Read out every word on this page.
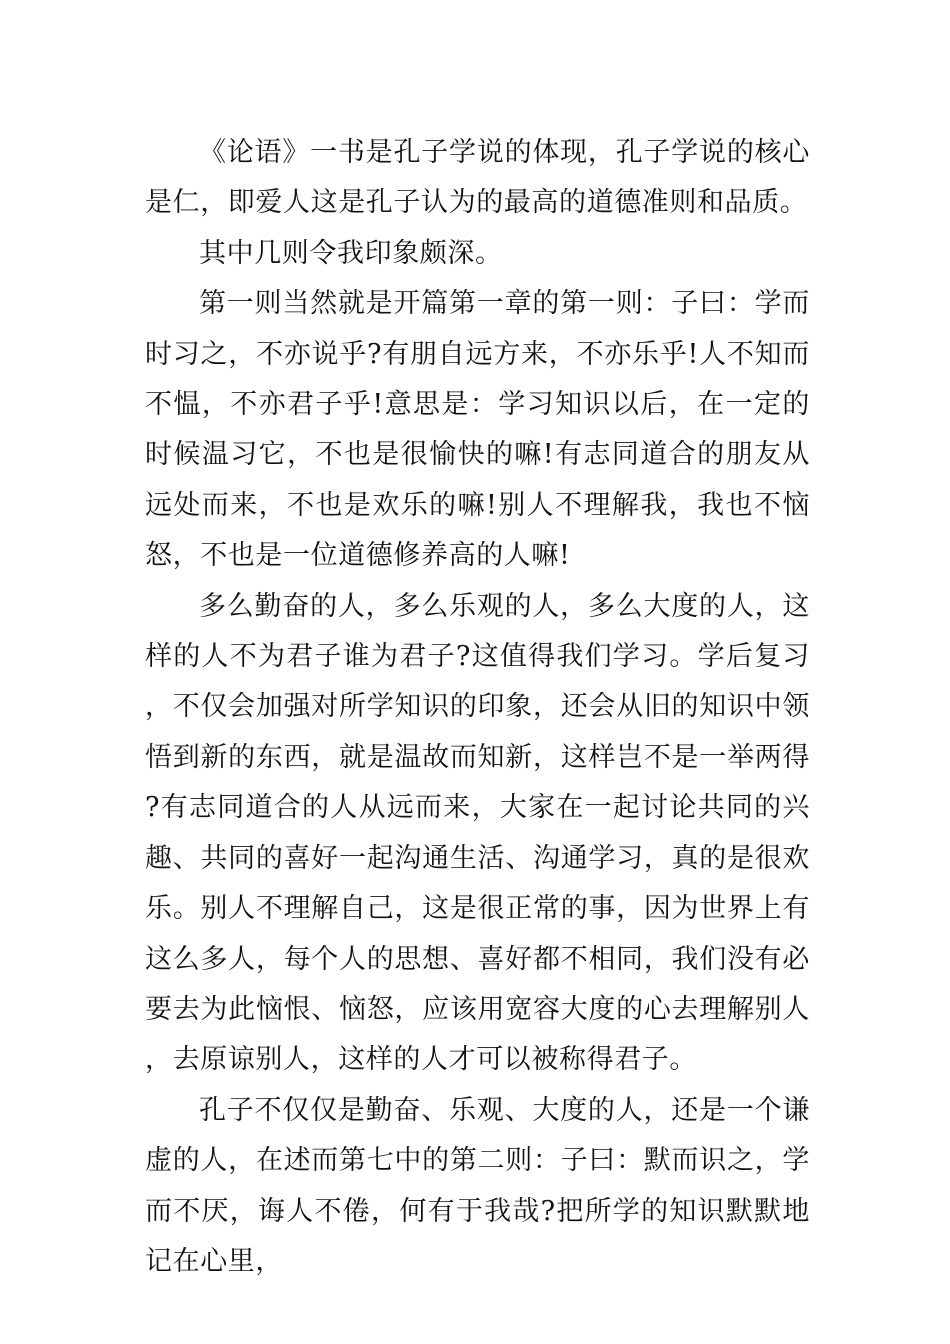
《论语》一书是孔子学说的体现，孔子学说的核心是仁，即爱人这是孔子认为的最高的道德准则和品质。

其中几则令我印象颇深。

第一则当然就是开篇第一章的第一则：子曰：学而时习之，不亦说乎?有朋自远方来，不亦乐乎!人不知而不愠，不亦君子乎!意思是：学习知识以后，在一定的时候温习它，不也是很愉快的嘛!有志同道合的朋友从远处而来，不也是欢乐的嘛!别人不理解我，我也不恼怒，不也是一位道德修养高的人嘛!

多么勤奋的人，多么乐观的人，多么大度的人，这样的人不为君子谁为君子?这值得我们学习。学后复习，不仅会加强对所学知识的印象，还会从旧的知识中领悟到新的东西，就是温故而知新，这样岂不是一举两得?有志同道合的人从远而来，大家在一起讨论共同的兴趣、共同的喜好一起沟通生活、沟通学习，真的是很欢乐。别人不理解自己，这是很正常的事，因为世界上有这么多人，每个人的思想、喜好都不相同，我们没有必要去为此恼恨、恼怒，应该用宽容大度的心去理解别人，去原谅别人，这样的人才可以被称得君子。

孔子不仅仅是勤奋、乐观、大度的人，还是一个谦虚的人，在述而第七中的第二则：子曰：默而识之，学而不厌，诲人不倦，何有于我哉?把所学的知识默默地记在心里，
